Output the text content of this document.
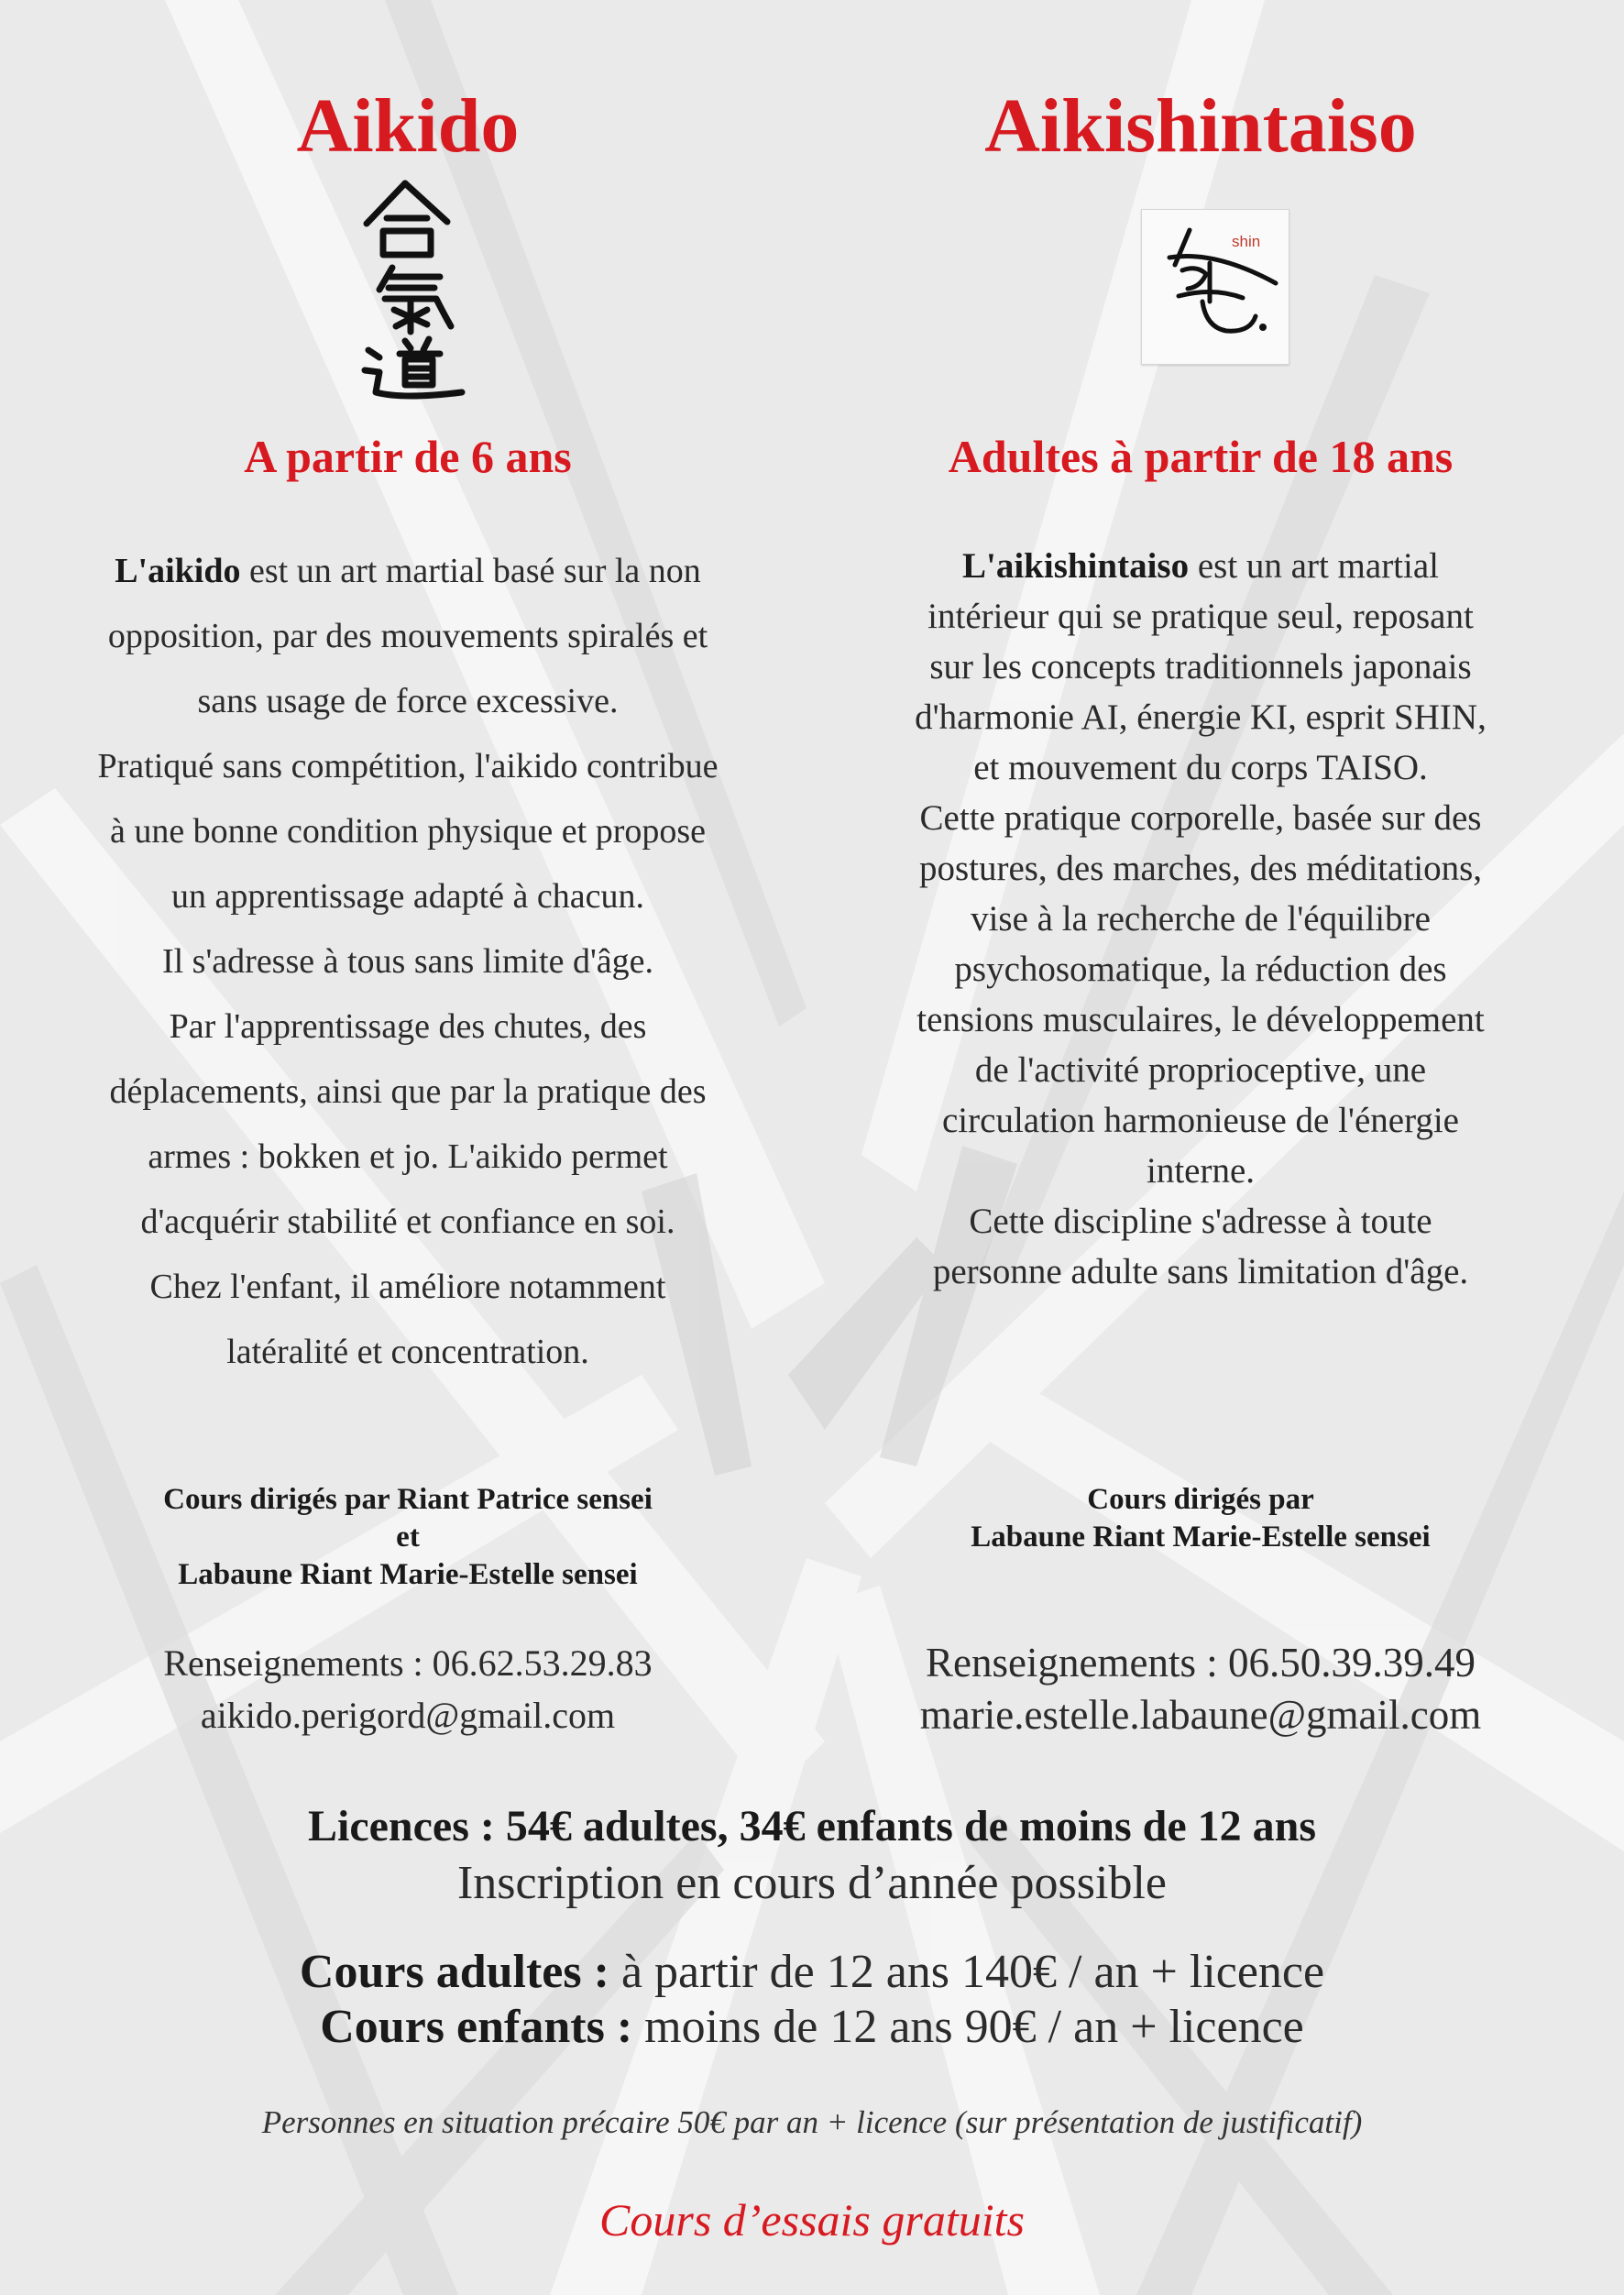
Aikido
A partir de 6 ans

L'aikido est un art martial basé sur la non
opposition, par des mouvements spiralés et
sans usage de force excessive.
Pratiqué sans compétition, l'aikido contribue
à une bonne condition physique et propose
un apprentissage adapté à chacun.
Il s'adresse à tous sans limite d'âge.
Par l'apprentissage des chutes, des
déplacements, ainsi que par la pratique des
armes : bokken et jo. L'aikido permet
d'acquérir stabilité et confiance en soi.
Chez l'enfant, il améliore notamment
latéralité et concentration.

Cours dirigés par Riant Patrice sensei
et
Labaune Riant Marie-Estelle sensei
Renseignements : 06.62.53.29.83
aikido.perigord@gmail.com
Aikishintaiso
shin
Adultes à partir de 18 ans

L'aikishintaiso est un art martial
intérieur qui se pratique seul, reposant
sur les concepts traditionnels japonais
d'harmonie AI, énergie KI, esprit SHIN,
et mouvement du corps TAISO.
Cette pratique corporelle, basée sur des
postures, des marches, des méditations,
vise à la recherche de l'équilibre
psychosomatique, la réduction des
tensions musculaires, le développement
de l'activité proprioceptive, une
circulation harmonieuse de l'énergie
interne.
Cette discipline s'adresse à toute
personne adulte sans limitation d'âge.

Cours dirigés par
Labaune Riant Marie-Estelle sensei
Renseignements : 06.50.39.39.49
marie.estelle.labaune@gmail.com
Licences : 54€ adultes, 34€ enfants de moins de 12 ans
Inscription en cours d’année possible
Cours adultes : à partir de 12 ans 140€ / an + licence
Cours enfants : moins de 12 ans 90€ / an + licence
Personnes en situation précaire 50€ par an + licence (sur présentation de justificatif)
Cours d’essais gratuits
